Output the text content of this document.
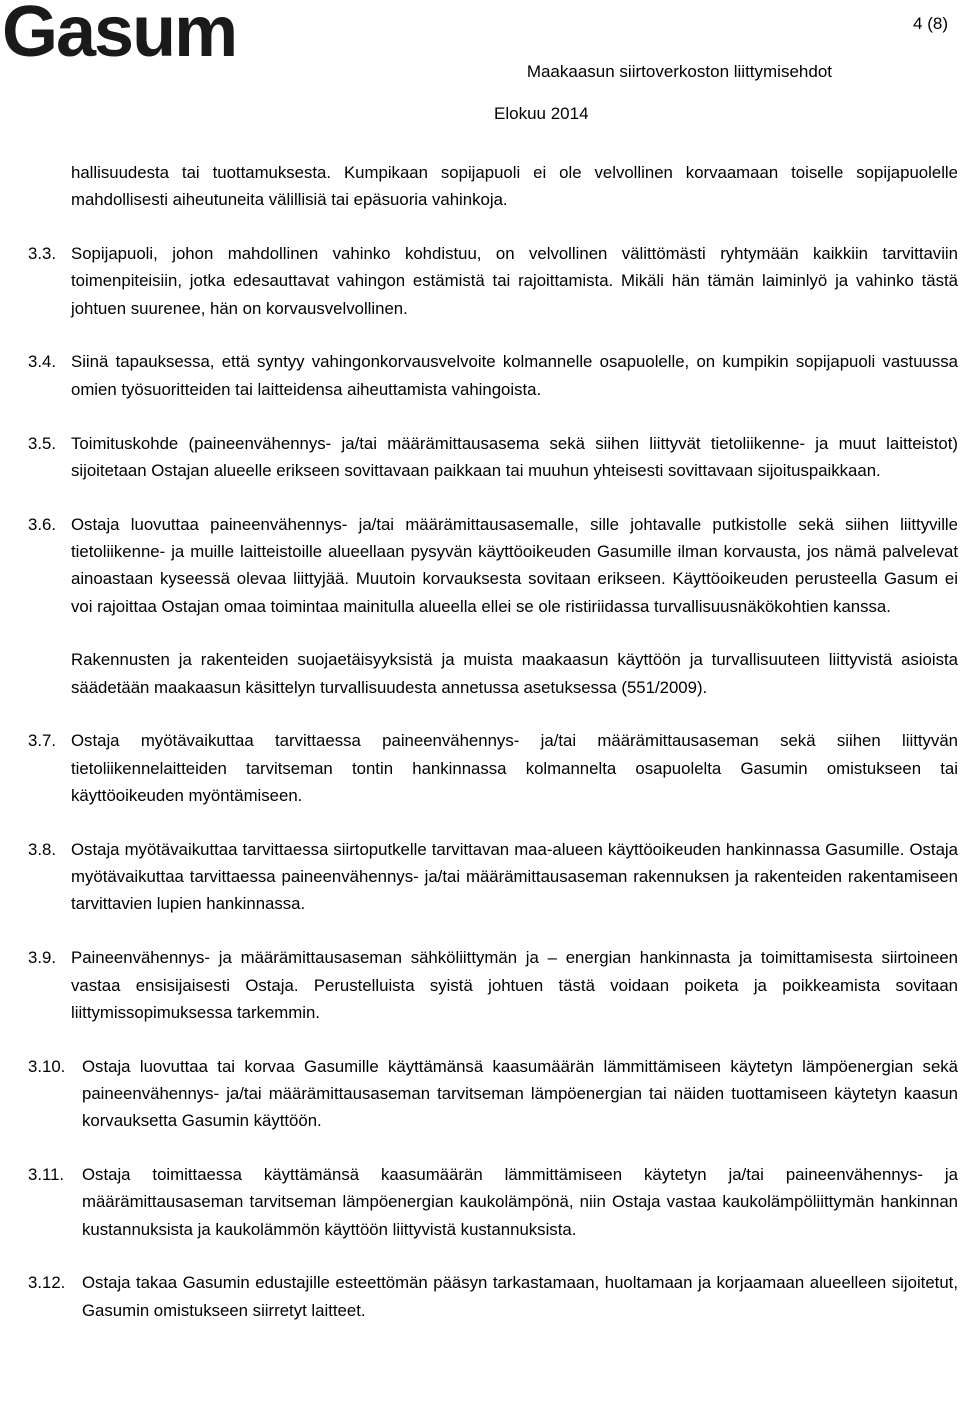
Gasum	4 (8)
Maakaasun siirtoverkoston liittymisehdot
Elokuu 2014

hallisuudesta tai tuottamuksesta. Kumpikaan sopijapuoli ei ole velvollinen korvaamaan toiselle sopijapuolelle mahdollisesti aiheutuneita välillisiä tai epäsuoria vahinkoja.

3.3. Sopijapuoli, johon mahdollinen vahinko kohdistuu, on velvollinen välittömästi ryhtymään kaikkiin tarvittaviin toimenpiteisiin, jotka edesauttavat vahingon estämistä tai rajoittamista. Mikäli hän tämän laiminlyö ja vahinko tästä johtuen suurenee, hän on korvausvelvollinen.

3.4. Siinä tapauksessa, että syntyy vahingonkorvausvelvoite kolmannelle osapuolelle, on kumpikin sopijapuoli vastuussa omien työsuoritteiden tai laitteidensa aiheuttamista vahingoista.

3.5. Toimituskohde (paineenvähennys- ja/tai määrämittausasema sekä siihen liittyvät tietoliikenne- ja muut laitteistot) sijoitetaan Ostajan alueelle erikseen sovittavaan paikkaan tai muuhun yhteisesti sovittavaan sijoituspaikkaan.

3.6. Ostaja luovuttaa paineenvähennys- ja/tai määrämittausasemalle, sille johtavalle putkistolle sekä siihen liittyville tietoliikenne- ja muille laitteistoille alueellaan pysyvän käyttöoikeuden Gasumille ilman korvausta, jos nämä palvelevat ainoastaan kyseessä olevaa liittyjää. Muutoin korvauksesta sovitaan erikseen. Käyttöoikeuden perusteella Gasum ei voi rajoittaa Ostajan omaa toimintaa mainitulla alueella ellei se ole ristiriidassa turvallisuusnäkökohtien kanssa.

Rakennusten ja rakenteiden suojaetäisyyksistä ja muista maakaasun käyttöön ja turvallisuuteen liittyvistä asioista säädetään maakaasun käsittelyn turvallisuudesta annetussa asetuksessa (551/2009).

3.7. Ostaja myötävaikuttaa tarvittaessa paineenvähennys- ja/tai määrämittausaseman sekä siihen liittyvän tietoliikennelaitteiden tarvitseman tontin hankinnassa kolmannelta osapuolelta Gasumin omistukseen tai käyttöoikeuden myöntämiseen.

3.8. Ostaja myötävaikuttaa tarvittaessa siirtoputkelle tarvittavan maa-alueen käyttöoikeuden hankinnassa Gasumille. Ostaja myötävaikuttaa tarvittaessa paineenvähennys- ja/tai määrämittausaseman rakennuksen ja rakenteiden rakentamiseen tarvittavien lupien hankinnassa.

3.9. Paineenvähennys- ja määrämittausaseman sähköliittymän ja – energian hankinnasta ja toimittamisesta siirtoineen vastaa ensisijaisesti Ostaja. Perustelluista syistä johtuen tästä voidaan poiketa ja poikkeamista sovitaan liittymissopimuksessa tarkemmin.

3.10. Ostaja luovuttaa tai korvaa Gasumille käyttämänsä kaasumäärän lämmittämiseen käytetyn lämpöenergian sekä paineenvähennys- ja/tai määrämittausaseman tarvitseman lämpöenergian tai näiden tuottamiseen käytetyn kaasun korvauksetta Gasumin käyttöön.

3.11. Ostaja toimittaessa käyttämänsä kaasumäärän lämmittämiseen käytetyn ja/tai paineenvähennys- ja määrämittausaseman tarvitseman lämpöenergian kaukolämpönä, niin Ostaja vastaa kaukolämpöliittymän hankinnan kustannuksista ja kaukolämmön käyttöön liittyvistä kustannuksista.

3.12. Ostaja takaa Gasumin edustajille esteettömän pääsyn tarkastamaan, huoltamaan ja korjaamaan alueelleen sijoitetut, Gasumin omistukseen siirretyt laitteet.
